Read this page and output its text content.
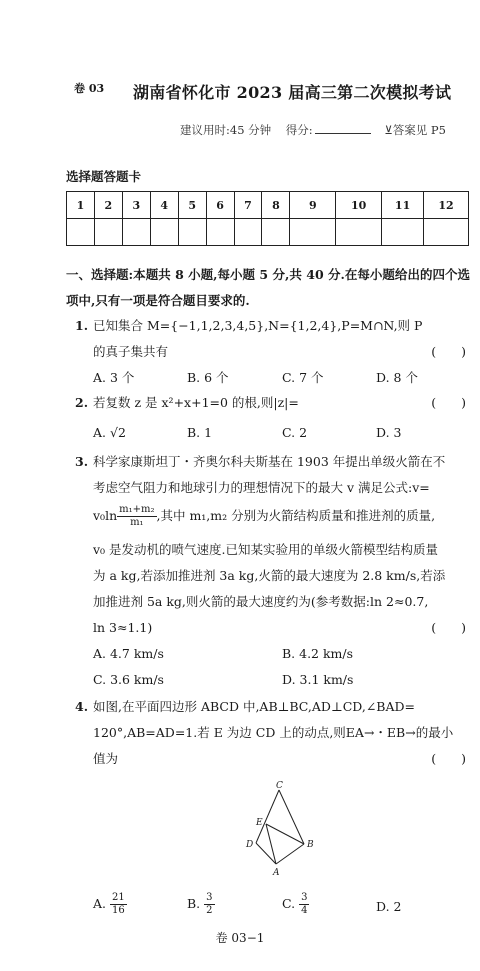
卷 03 湖南省怀化市 2023 届高三第二次模拟考试
建议用时:45 分钟 得分:	⊻答案见 P5
选择题答题卡
1	2	3	4	5	6	7	8	9	10	11	12

一、选择题:本题共 8 小题,每小题 5 分,共 40 分.在每小题给出的四个选项中,只有一项是符合题目要求的.
1. 已知集合 M={−1,1,2,3,4,5},N={1,2,4},P=M∩N,则 P
的真子集共有	(　　)
A. 3 个	B. 6 个	C. 7 个	D. 8 个
2. 若复数 z 是 x²+x+1=0 的根,则|z|=	(　　)
A. √2	B. 1	C. 2	D. 3
3. 科学家康斯坦丁・齐奥尔科夫斯基在 1903 年提出单级火箭在不
考虑空气阻力和地球引力的理想情况下的最大 v 满足公式:v=
$v_0\ln \frac{\text{m₁+m₂}}{\text{m₁}}$ ,其中 m₁,m₂ 分别为火箭结构质量和推进剂的质量,
v₀ 是发动机的喷气速度.已知某实验用的单级火箭模型结构质量
为 a kg,若添加推进剂 3a kg,火箭的最大速度为 2.8 km/s,若添
加推进剂 5a kg,则火箭的最大速度约为(参考数据:ln 2≈0.7,
ln 3≈1.1)	(　　)
A. 4.7 km/s	B. 4.2 km/s
C. 3.6 km/s	D. 3.1 km/s
4. 如图,在平面四边形 ABCD 中,AB⊥BC,AD⊥CD,∠BAD=
120°,AB=AD=1.若 E 为边 CD 上的动点,则EA→・EB→的最小
值为	(　　)
C
E
D	B
A
A. $\frac{21}{16}$	B. $\frac{3}{2}$	C. $\frac{3}{4}$	D. 2
卷 03−1
